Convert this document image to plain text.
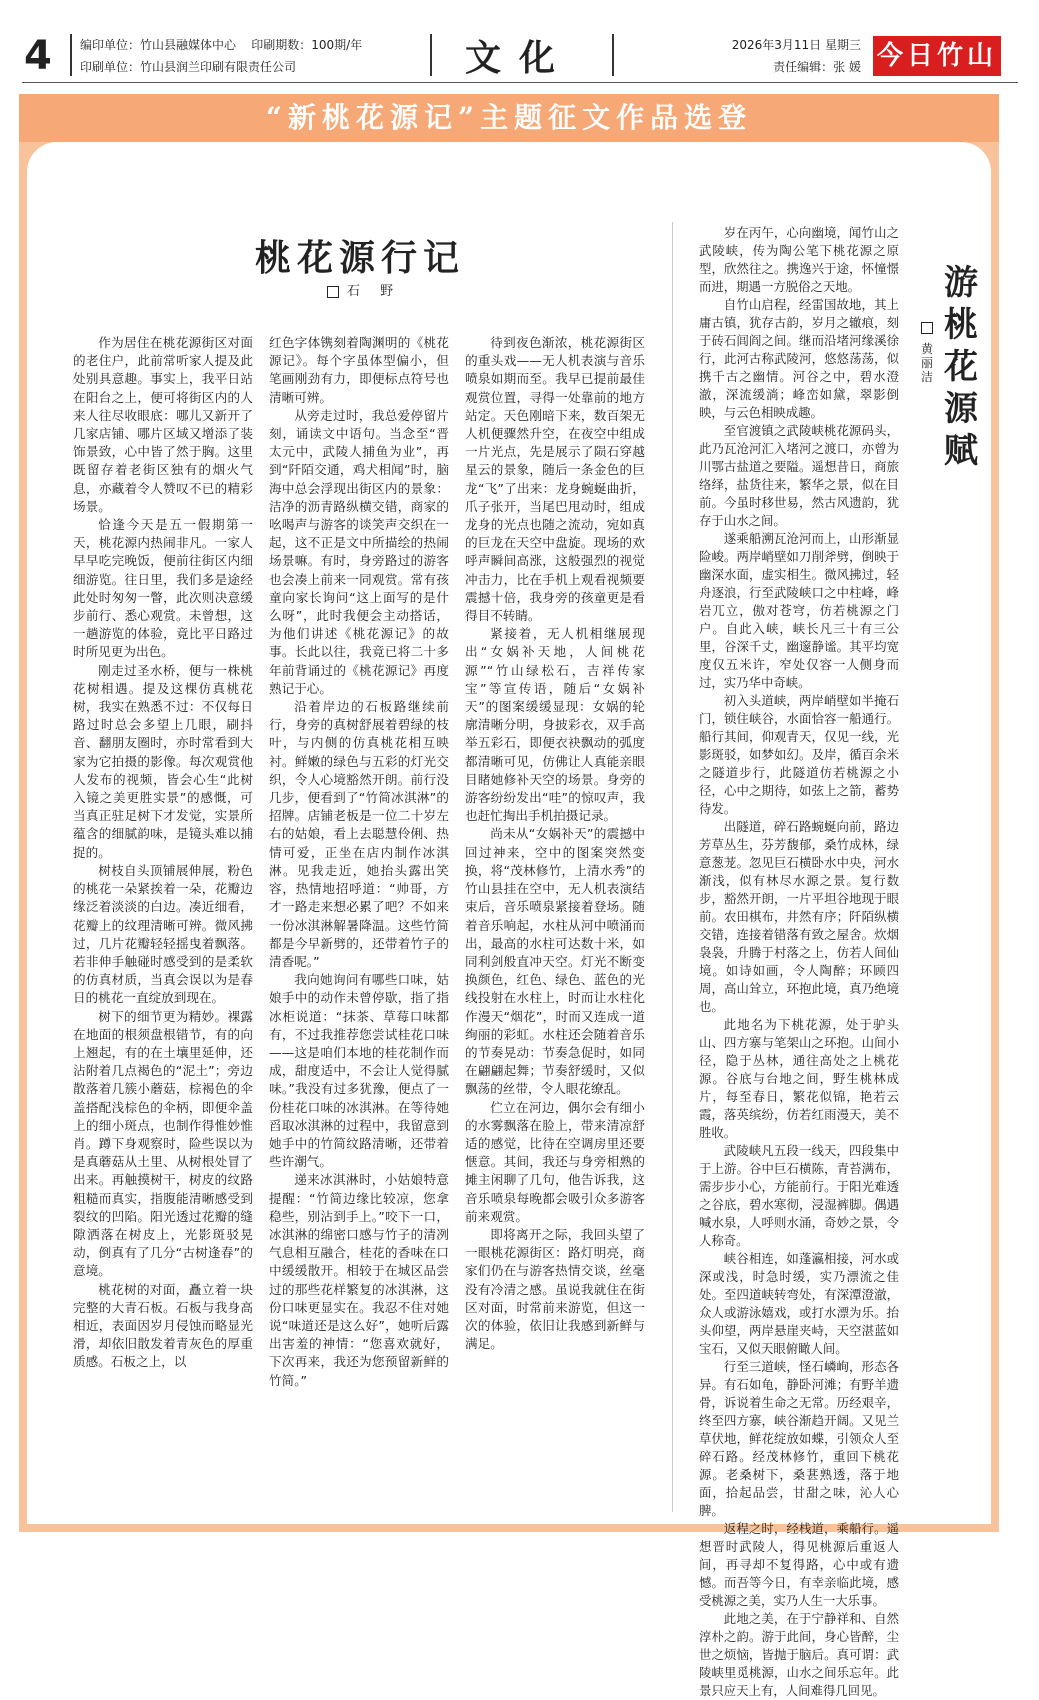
4 编印单位：竹山县融媒体中心 印刷期数：100期/年
印刷单位：竹山县润兰印刷有限责任公司	文化	2026年3月11日 星期三
责任编辑：张 媛 今日竹山
“新桃花源记”主题征文作品选登
桃花源行记
石 野

作为居住在桃花源街区对面的老住户，此前常听家人提及此处别具意趣。事实上，我平日站在阳台之上，便可将街区内的人来人往尽收眼底：哪儿又新开了几家店铺、哪片区域又增添了装饰景致，心中皆了然于胸。这里既留存着老街区独有的烟火气息，亦藏着令人赞叹不已的精彩场景。

恰逢今天是五一假期第一天，桃花源内热闹非凡。一家人早早吃完晚饭，便前往街区内细细游览。往日里，我们多是途经此处时匆匆一瞥，此次则决意缓步前行、悉心观赏。未曾想，这一趟游览的体验，竟比平日路过时所见更为出色。

刚走过圣水桥，便与一株桃花树相遇。提及这棵仿真桃花树，我实在熟悉不过：不仅每日路过时总会多望上几眼，刷抖音、翻朋友圈时，亦时常看到大家为它拍摄的影像。每次观赏他人发布的视频，皆会心生“此树入镜之美更胜实景”的感慨，可当真正驻足树下才发觉，实景所蕴含的细腻韵味，是镜头难以捕捉的。

树枝自头顶铺展伸展，粉色的桃花一朵紧挨着一朵，花瓣边缘泛着淡淡的白边。凑近细看，花瓣上的纹理清晰可辨。微风拂过，几片花瓣轻轻摇曳着飘落。若非伸手触碰时感受到的是柔软的仿真材质，当真会误以为是春日的桃花一直绽放到现在。

树下的细节更为精妙。裸露在地面的根须盘根错节，有的向上翘起，有的在土壤里延伸，还沾附着几点褐色的“泥土”；旁边散落着几簇小蘑菇，棕褐色的伞盖搭配浅棕色的伞柄，即便伞盖上的细小斑点，也制作得惟妙惟肖。蹲下身观察时，险些误以为是真蘑菇从土里、从树根处冒了出来。再触摸树干，树皮的纹路粗糙而真实，指腹能清晰感受到裂纹的凹陷。阳光透过花瓣的缝隙洒落在树皮上，光影斑驳晃动，倒真有了几分“古树逢春”的意境。

桃花树的对面，矗立着一块完整的大青石板。石板与我身高相近，表面因岁月侵蚀而略显光滑，却依旧散发着青灰色的厚重质感。石板之上，以

红色字体镌刻着陶渊明的《桃花源记》。每个字虽体型偏小，但笔画刚劲有力，即便标点符号也清晰可辨。

从旁走过时，我总爱停留片刻，诵读文中语句。当念至“晋太元中，武陵人捕鱼为业”，再到“阡陌交通，鸡犬相闻”时，脑海中总会浮现出街区内的景象：洁净的沥青路纵横交错，商家的吆喝声与游客的谈笑声交织在一起，这不正是文中所描绘的热闹场景嘛。有时，身旁路过的游客也会凑上前来一同观赏。常有孩童向家长询问“这上面写的是什么呀”，此时我便会主动搭话，为他们讲述《桃花源记》的故事。长此以往，我竟已将二十多年前背诵过的《桃花源记》再度熟记于心。

沿着岸边的石板路继续前行，身旁的真树舒展着碧绿的枝叶，与内侧的仿真桃花相互映衬。鲜嫩的绿色与五彩的灯光交织，令人心境豁然开朗。前行没几步，便看到了“竹简冰淇淋”的招牌。店铺老板是一位二十岁左右的姑娘，看上去聪慧伶俐、热情可爱，正坐在店内制作冰淇淋。见我走近，她抬头露出笑容，热情地招呼道：“帅哥，方才一路走来想必累了吧？不如来一份冰淇淋解暑降温。这些竹简都是今早新劈的，还带着竹子的清香呢。”

我向她询问有哪些口味，姑娘手中的动作未曾停歇，指了指冰柜说道：“抹茶、草莓口味都有，不过我推荐您尝试桂花口味——这是咱们本地的桂花制作而成，甜度适中，不会让人觉得腻味。”我没有过多犹豫，便点了一份桂花口味的冰淇淋。在等待她舀取冰淇淋的过程中，我留意到她手中的竹简纹路清晰，还带着些许潮气。

递来冰淇淋时，小姑娘特意提醒：“竹简边缘比较凉，您拿稳些，别沾到手上。”咬下一口，冰淇淋的绵密口感与竹子的清冽气息相互融合，桂花的香味在口中缓缓散开。相较于在城区品尝过的那些花样繁复的冰淇淋，这份口味更显实在。我忍不住对她说“味道还是这么好”，她听后露出害羞的神情：“您喜欢就好，下次再来，我还为您预留新鲜的竹简。”

待到夜色渐浓，桃花源街区的重头戏——无人机表演与音乐喷泉如期而至。我早已提前最佳观赏位置，寻得一处靠前的地方站定。天色刚暗下来，数百架无人机便骤然升空，在夜空中组成一片光点，先是展示了陨石穿越星云的景象，随后一条金色的巨龙“飞”了出来：龙身蜿蜒曲折，爪子张开，当尾巴甩动时，组成龙身的光点也随之流动，宛如真的巨龙在天空中盘旋。现场的欢呼声瞬间高涨，这般强烈的视觉冲击力，比在手机上观看视频要震撼十倍，我身旁的孩童更是看得目不转睛。

紧接着，无人机相继展现出“女娲补天地，人间桃花源”“竹山绿松石，吉祥传家宝”等宣传语，随后“女娲补天”的图案缓缓显现：女娲的轮廓清晰分明，身披彩衣，双手高举五彩石，即便衣袂飘动的弧度都清晰可见，仿佛让人真能亲眼目睹她修补天空的场景。身旁的游客纷纷发出“哇”的惊叹声，我也赶忙掏出手机拍摄记录。

尚未从“女娲补天”的震撼中回过神来，空中的图案突然变换，将“茂林修竹，上清水秀”的竹山县挂在空中，无人机表演结束后，音乐喷泉紧接着登场。随着音乐响起，水柱从河中喷涌而出，最高的水柱可达数十米，如同利剑般直冲天空。灯光不断变换颜色，红色、绿色、蓝色的光线投射在水柱上，时而让水柱化作漫天“烟花”，时而又连成一道绚丽的彩虹。水柱还会随着音乐的节奏晃动：节奏急促时，如同在翩翩起舞；节奏舒缓时，又似飘荡的丝带，令人眼花缭乱。

伫立在河边，偶尔会有细小的水雾飘落在脸上，带来清凉舒适的感觉，比待在空调房里还要惬意。其间，我还与身旁相熟的摊主闲聊了几句，他告诉我，这音乐喷泉每晚都会吸引众多游客前来观赏。

即将离开之际，我回头望了一眼桃花源街区：路灯明亮，商家们仍在与游客热情交谈，丝毫没有冷清之感。虽说我就住在街区对面，时常前来游览，但这一次的体验，依旧让我感到新鲜与满足。

岁在丙午，心向幽境，闻竹山之武陵峡，传为陶公笔下桃花源之原型，欣然往之。携逸兴于途，怀憧憬而进，期遇一方脱俗之天地。

自竹山启程，经雷国故地，其上庸古镇，犹存古韵，岁月之辙痕，刻于砖石闾阎之间。继而沿堵河缘溪徐行，此河古称武陵河，悠悠荡荡，似携千古之幽情。河谷之中，碧水澄澈，深流缓淌；峰峦如黛，翠影倒映，与云色相映成趣。

至官渡镇之武陵峡桃花源码头，此乃瓦沧河汇入堵河之渡口，亦曾为川鄂古盐道之要隘。遥想昔日，商旅络绎，盐货往来，繁华之景，似在目前。今虽时移世易，然古风遗韵，犹存于山水之间。

遂乘船溯瓦沧河而上，山形渐显险峻。两岸峭壁如刀削斧劈，倒映于幽深水面，虚实相生。微风拂过，轻舟逐浪，行至武陵峡口之中柱峰，峰岩兀立，傲对苍穹，仿若桃源之门户。自此入峡，峡长凡三十有三公里，谷深千丈，幽邃静谧。其平均宽度仅五米许，窄处仅容一人侧身而过，实乃华中奇峡。

初入头道峡，两岸峭壁如半掩石门，锁住峡谷，水面恰容一船通行。船行其间，仰观青天，仅见一线，光影斑驳，如梦如幻。及岸，循百余米之隧道步行，此隧道仿若桃源之小径，心中之期待，如弦上之箭，蓄势待发。

出隧道，碎石路蜿蜒向前，路边芳草丛生，芬芳馥郁，桑竹成林，绿意葱茏。忽见巨石横卧水中央，河水渐浅，似有林尽水源之景。复行数步，豁然开朗，一片平坦谷地现于眼前。农田棋布，井然有序；阡陌纵横交错，连接着错落有致之屋舍。炊烟袅袅，升腾于村落之上，仿若人间仙境。如诗如画，令人陶醉；环顾四周，高山耸立，环抱此境，真乃绝境也。

此地名为下桃花源，处于驴头山、四方寨与笔架山之环抱。山间小径，隐于丛林，通往高处之上桃花源。谷底与台地之间，野生桃林成片，每至春日，繁花似锦，艳若云霞，落英缤纷，仿若红雨漫天，美不胜收。

武陵峡凡五段一线天，四段集中于上游。谷中巨石横陈，青苔满布，需步步小心，方能前行。于阳光难透之谷底，碧水寒彻，浸湿裤脚。偶遇喊水泉，人呼则水涌，奇妙之景，令人称奇。

峡谷相连，如蓬瀛相接，河水或深或浅，时急时缓，实乃漂流之佳处。至四道峡转弯处，有深潭澄澈，众人或游泳嬉戏，或打水漂为乐。抬头仰望，两岸悬崖夹峙，天空湛蓝如宝石，又似天眼俯瞰人间。

行至三道峡，怪石嶙峋，形态各异。有石如龟，静卧河滩；有野羊遗骨，诉说着生命之无常。历经艰辛，终至四方寨，峡谷渐趋开阔。又见兰草伏地，鲜花绽放如蝶，引领众人至碎石路。经茂林修竹，重回下桃花源。老桑树下，桑葚熟透，落于地面，拾起品尝，甘甜之味，沁人心脾。

返程之时，经栈道，乘船行。遥想晋时武陵人，得见桃源后重返人间，再寻却不复得路，心中或有遗憾。而吾等今日，有幸亲临此境，感受桃源之美，实乃人生一大乐事。

此地之美，在于宁静祥和、自然淳朴之韵。游于此间，身心皆醉，尘世之烦恼，皆抛于脑后。真可谓：武陵峡里觅桃源，山水之间乐忘年。此景只应天上有，人间难得几回见。

游桃花源赋
黄丽洁
